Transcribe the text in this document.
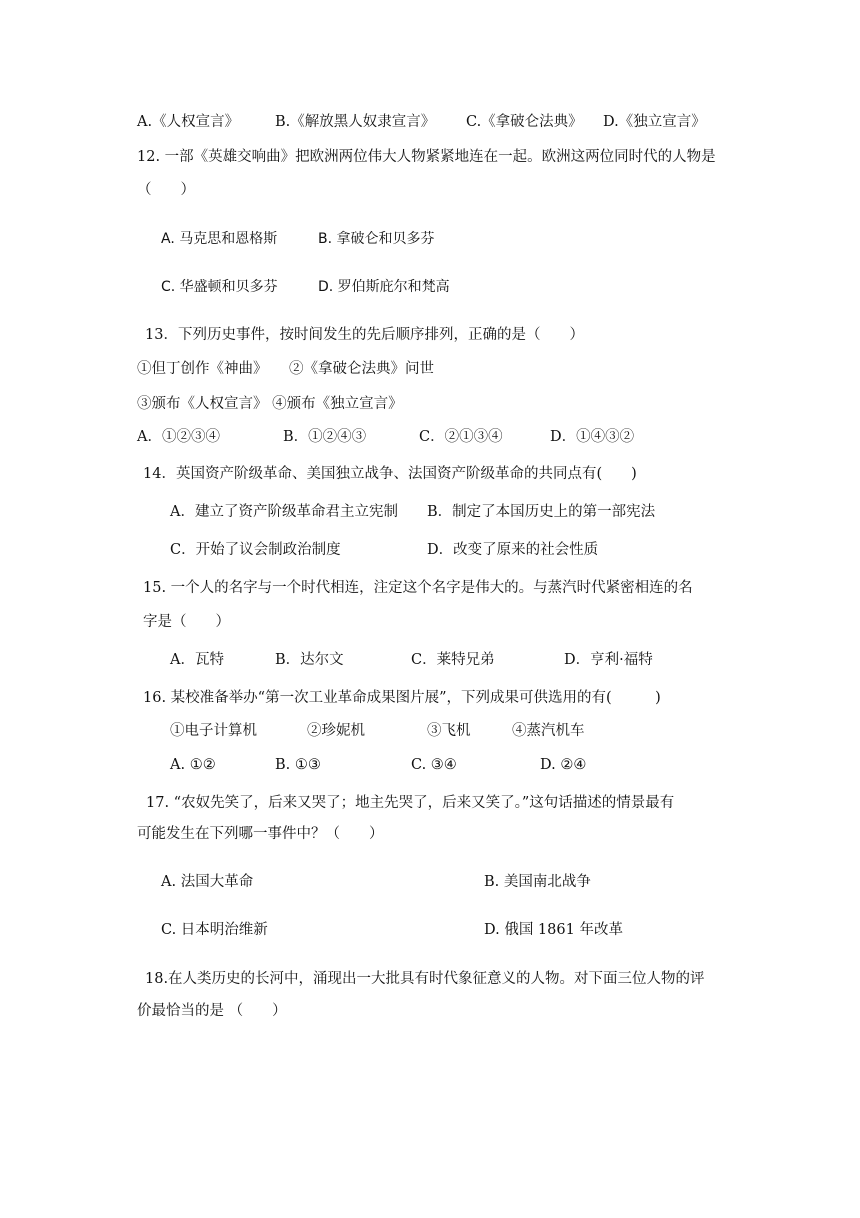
A.《人权宣言》 B.《解放黑人奴隶宣言》 C.《拿破仑法典》 D.《独立宣言》
12. 一部《英雄交响曲》把欧洲两位伟大人物紧紧地连在一起。欧洲这两位同时代的人物是
（　　）
A. 马克思和恩格斯	B. 拿破仑和贝多芬
C. 华盛顿和贝多芬	D. 罗伯斯庇尔和梵高
13．下列历史事件，按时间发生的先后顺序排列，正确的是（　　）
①但丁创作《神曲》 ②《拿破仑法典》问世
③颁布《人权宣言》 ④颁布《独立宣言》
A．①②③④	B．①②④③	C．②①③④	D．①④③②
14．英国资产阶级革命、美国独立战争、法国资产阶级革命的共同点有(　　)
A．建立了资产阶级革命君主立宪制 B．制定了本国历史上的第一部宪法
C．开始了议会制政治制度	D．改变了原来的社会性质
15. 一个人的名字与一个时代相连，注定这个名字是伟大的。与蒸汽时代紧密相连的名
字是（　　）
A．瓦特	B．达尔文	C．莱特兄弟	D．亨利·福特
16. 某校准备举办“第一次工业革命成果图片展”，下列成果可供选用的有(　　　)
①电子计算机	②珍妮机	③飞机	④蒸汽机车
A. ①②	B. ①③	C. ③④	D. ②④
17. “农奴先笑了，后来又哭了；地主先哭了，后来又笑了。”这句话描述的情景最有
可能发生在下列哪一事件中？（　　）
A. 法国大革命	B. 美国南北战争
C. 日本明治维新	D. 俄国 1861 年改革
18.在人类历史的长河中，涌现出一大批具有时代象征意义的人物。对下面三位人物的评
价最恰当的是 （　　）
